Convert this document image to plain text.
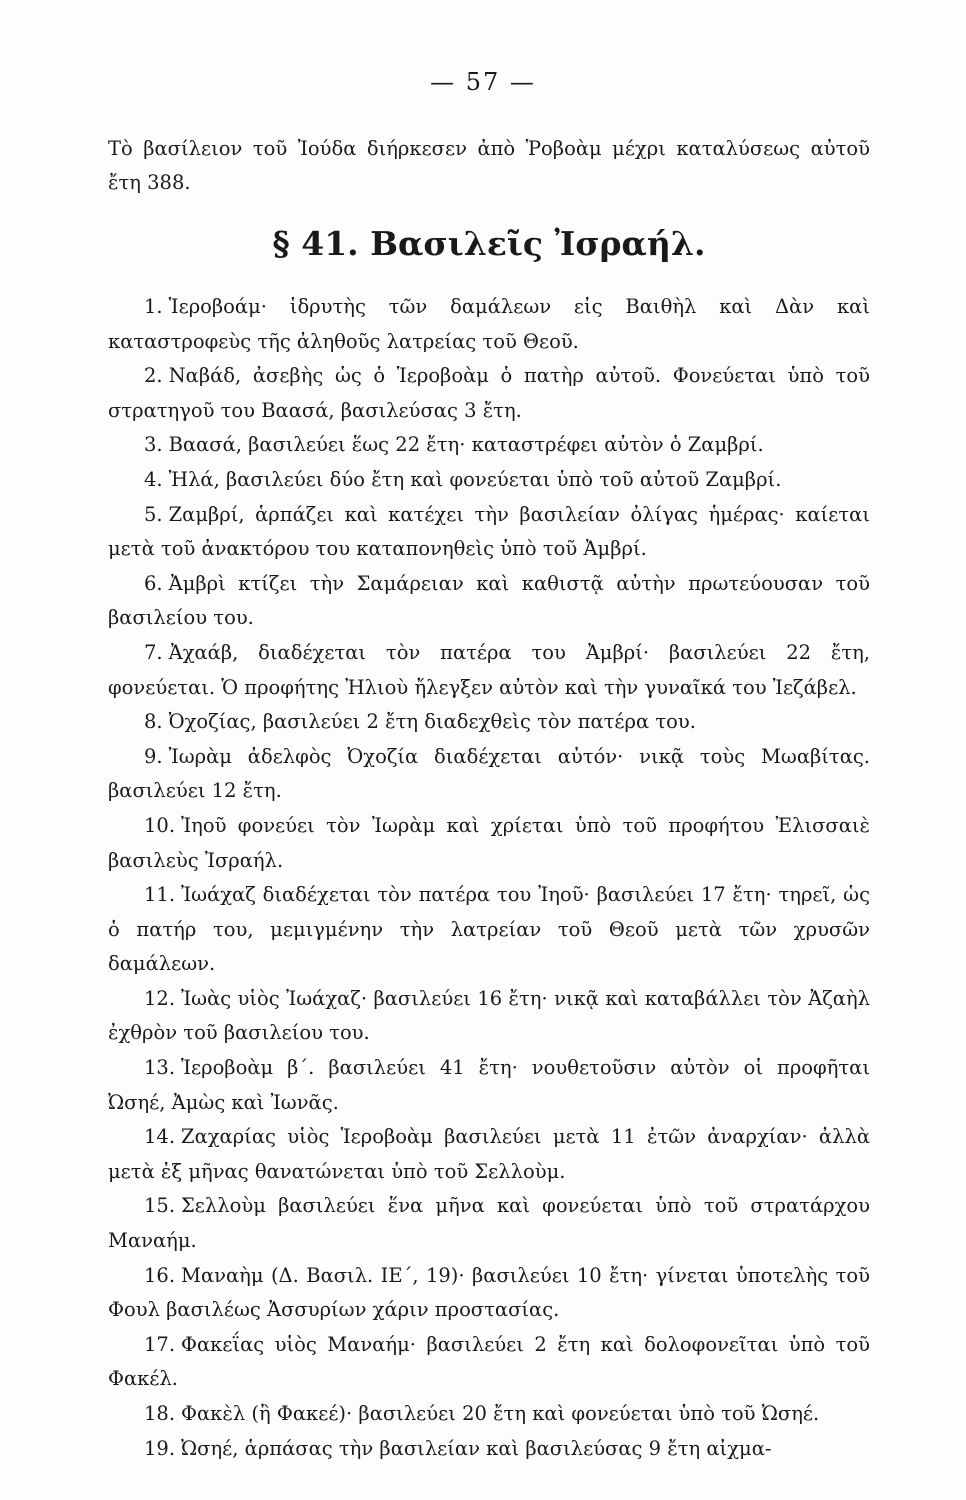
— 57 —

Τὸ βασίλειον τοῦ Ἰούδα διήρκεσεν ἀπὸ Ῥοβοὰμ μέχρι καταλύσεως αὐτοῦ ἔτη 388.

§ 41. Βασιλεῖς Ἰσραήλ.
1. Ἱεροβοάμ· ἱδρυτὴς τῶν δαμάλεων εἰς Βαιθὴλ καὶ Δὰν καὶ καταστροφεὺς τῆς ἀληθοῦς λατρείας τοῦ Θεοῦ.
2. Ναβάδ, ἀσεβὴς ὡς ὁ Ἱεροβοὰμ ὁ πατὴρ αὐτοῦ. Φονεύεται ὑπὸ τοῦ στρατηγοῦ του Βαασά, βασιλεύσας 3 ἔτη.
3. Βαασά, βασιλεύει ἕως 22 ἔτη· καταστρέφει αὐτὸν ὁ Ζαμβρί.
4. Ἠλά, βασιλεύει δύο ἔτη καὶ φονεύεται ὑπὸ τοῦ αὐτοῦ Ζαμβρί.
5. Ζαμβρί, ἁρπάζει καὶ κατέχει τὴν βασιλείαν ὀλίγας ἡμέρας· καίεται μετὰ τοῦ ἀνακτόρου του καταπονηθεὶς ὑπὸ τοῦ Ἀμβρί.
6. Ἀμβρὶ κτίζει τὴν Σαμάρειαν καὶ καθιστᾷ αὐτὴν πρωτεύουσαν τοῦ βασιλείου του.
7. Ἀχαάβ, διαδέχεται τὸν πατέρα του Ἀμβρί· βασιλεύει 22 ἔτη, φονεύεται. Ὁ προφήτης Ἠλιοὺ ἤλεγξεν αὐτὸν καὶ τὴν γυναῖκά του Ἰεζάβελ.
8. Ὀχοζίας, βασιλεύει 2 ἔτη διαδεχθεὶς τὸν πατέρα του.
9. Ἰωρὰμ ἀδελφὸς Ὀχοζία διαδέχεται αὐτόν· νικᾷ τοὺς Μωαβίτας. βασιλεύει 12 ἔτη.
10. Ἰηοῦ φονεύει τὸν Ἰωρὰμ καὶ χρίεται ὑπὸ τοῦ προφήτου Ἐλισσαιὲ βασιλεὺς Ἰσραήλ.
11. Ἰωάχαζ διαδέχεται τὸν πατέρα του Ἰηοῦ· βασιλεύει 17 ἔτη· τηρεῖ, ὡς ὁ πατήρ του, μεμιγμένην τὴν λατρείαν τοῦ Θεοῦ μετὰ τῶν χρυσῶν δαμάλεων.
12. Ἰωὰς υἱὸς Ἰωάχαζ· βασιλεύει 16 ἔτη· νικᾷ καὶ καταβάλλει τὸν Ἀζαὴλ ἐχθρὸν τοῦ βασιλείου του.
13. Ἱεροβοὰμ β΄. βασιλεύει 41 ἔτη· νουθετοῦσιν αὐτὸν οἱ προφῆται Ὠσηέ, Ἀμὼς καὶ Ἰωνᾶς.
14. Ζαχαρίας υἱὸς Ἱεροβοὰμ βασιλεύει μετὰ 11 ἐτῶν ἀναρχίαν· ἀλλὰ μετὰ ἐξ μῆνας θανατώνεται ὑπὸ τοῦ Σελλοὺμ.
15. Σελλοὺμ βασιλεύει ἕνα μῆνα καὶ φονεύεται ὑπὸ τοῦ στρατάρχου Μαναήμ.
16. Μαναὴμ (Δ. Βασιλ. ΙΕ΄, 19)· βασιλεύει 10 ἔτη· γίνεται ὑποτελὴς τοῦ Φουλ βασιλέως Ἀσσυρίων χάριν προστασίας.
17. Φακεΐας υἱὸς Μαναήμ· βασιλεύει 2 ἔτη καὶ δολοφονεῖται ὑπὸ τοῦ Φακέλ.
18. Φακὲλ (ἢ Φακεέ)· βασιλεύει 20 ἔτη καὶ φονεύεται ὑπὸ τοῦ Ὠσηέ.
19. Ὠσηέ, ἁρπάσας τὴν βασιλείαν καὶ βασιλεύσας 9 ἔτη αἰχμα-
